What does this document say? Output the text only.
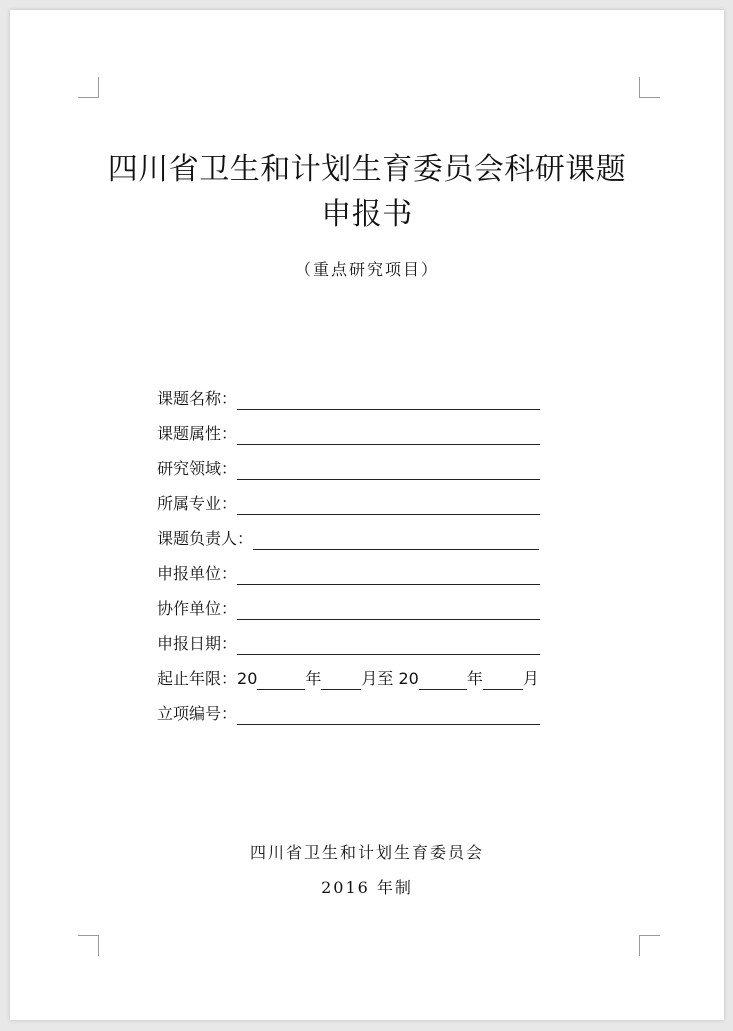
四川省卫生和计划生育委员会科研课题
申报书
（重点研究项目）
课题名称：
课题属性：
研究领域：
所属专业：
课题负责人：
申报单位：
协作单位：
申报日期：
起止年限： 20	年	月至 20	年	月
立项编号：
四川省卫生和计划生育委员会
2016 年制
